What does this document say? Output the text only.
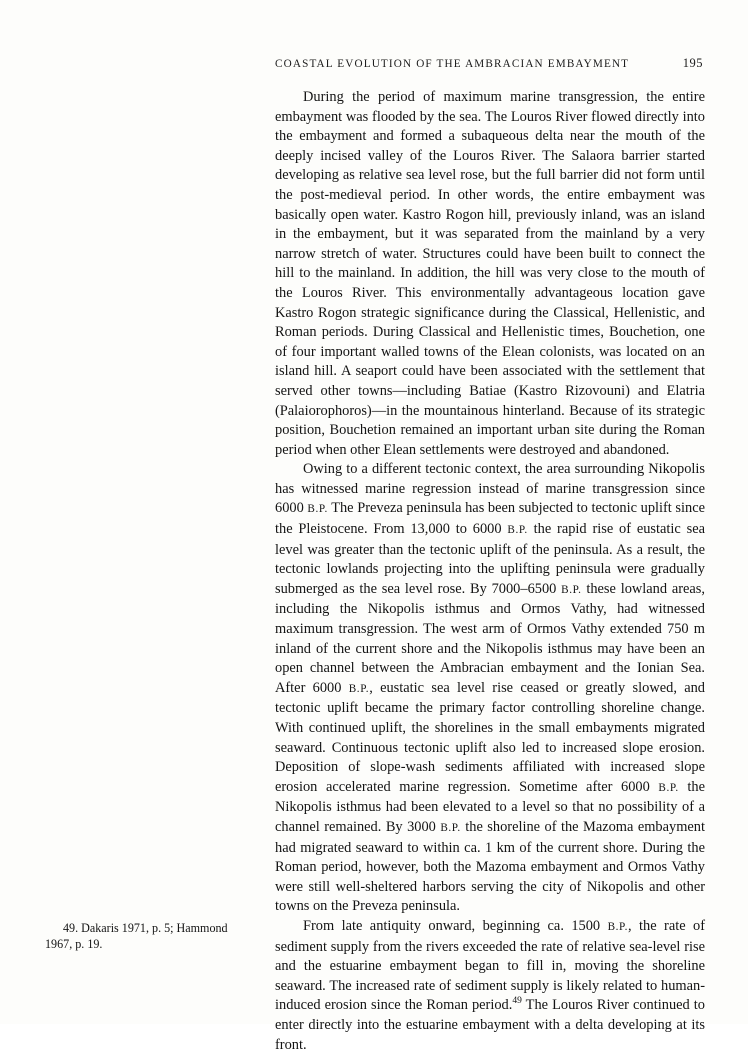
COASTAL EVOLUTION OF THE AMBRACIAN EMBAYMENT	195

During the period of maximum marine transgression, the entire embayment was flooded by the sea. The Louros River flowed directly into the embayment and formed a subaqueous delta near the mouth of the deeply incised valley of the Louros River. The Salaora barrier started developing as relative sea level rose, but the full barrier did not form until the post-medieval period. In other words, the entire embayment was basically open water. Kastro Rogon hill, previously inland, was an island in the embayment, but it was separated from the mainland by a very narrow stretch of water. Structures could have been built to connect the hill to the mainland. In addition, the hill was very close to the mouth of the Louros River. This environmentally advantageous location gave Kastro Rogon strategic significance during the Classical, Hellenistic, and Roman periods. During Classical and Hellenistic times, Bouchetion, one of four important walled towns of the Elean colonists, was located on an island hill. A seaport could have been associated with the settlement that served other towns—including Batiae (Kastro Rizovouni) and Elatria (Palaiorophoros)—in the mountainous hinterland. Because of its strategic position, Bouchetion remained an important urban site during the Roman period when other Elean settlements were destroyed and abandoned.

Owing to a different tectonic context, the area surrounding Nikopolis has witnessed marine regression instead of marine transgression since 6000 B.P. The Preveza peninsula has been subjected to tectonic uplift since the Pleistocene. From 13,000 to 6000 B.P. the rapid rise of eustatic sea level was greater than the tectonic uplift of the peninsula. As a result, the tectonic lowlands projecting into the uplifting peninsula were gradually submerged as the sea level rose. By 7000–6500 B.P. these lowland areas, including the Nikopolis isthmus and Ormos Vathy, had witnessed maximum transgression. The west arm of Ormos Vathy extended 750 m inland of the current shore and the Nikopolis isthmus may have been an open channel between the Ambracian embayment and the Ionian Sea. After 6000 B.P., eustatic sea level rise ceased or greatly slowed, and tectonic uplift became the primary factor controlling shoreline change. With continued uplift, the shorelines in the small embayments migrated seaward. Continuous tectonic uplift also led to increased slope erosion. Deposition of slope-wash sediments affiliated with increased slope erosion accelerated marine regression. Sometime after 6000 B.P. the Nikopolis isthmus had been elevated to a level so that no possibility of a channel remained. By 3000 B.P. the shoreline of the Mazoma embayment had migrated seaward to within ca. 1 km of the current shore. During the Roman period, however, both the Mazoma embayment and Ormos Vathy were still well-sheltered harbors serving the city of Nikopolis and other towns on the Preveza peninsula.

From late antiquity onward, beginning ca. 1500 B.P., the rate of sediment supply from the rivers exceeded the rate of relative sea-level rise and the estuarine embayment began to fill in, moving the shoreline seaward. The increased rate of sediment supply is likely related to human-induced erosion since the Roman period.$^{49}$ The Louros River continued to enter directly into the estuarine embayment with a delta developing at its front.

49. Dakaris 1971, p. 5; Hammond 1967, p. 19.
